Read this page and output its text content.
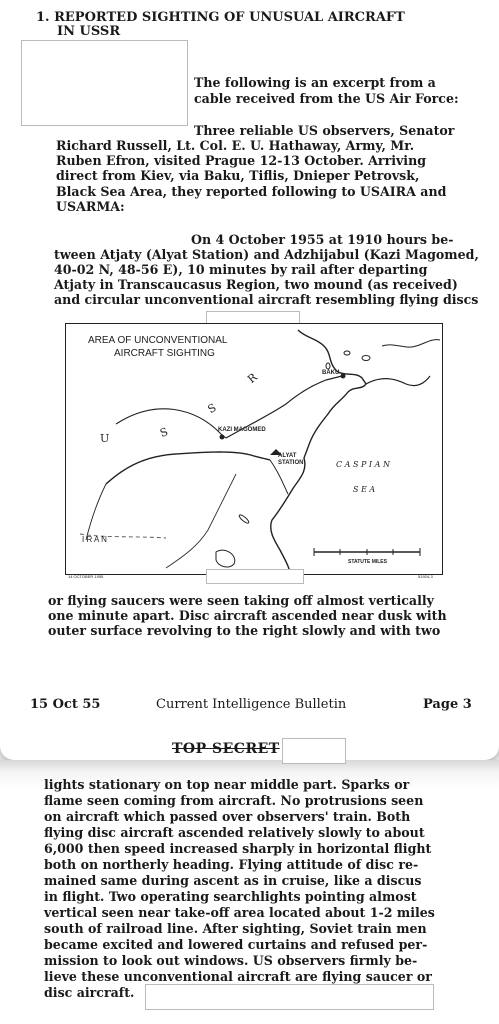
1. REPORTED SIGHTING OF UNUSUAL AIRCRAFT
IN USSR
The following is an excerpt from a
cable received from the US Air Force:
Three reliable US observers, Senator
Richard Russell, Lt. Col. E. U. Hathaway, Army, Mr.
Ruben Efron, visited Prague 12-13 October. Arriving
direct from Kiev, via Baku, Tiflis, Dnieper Petrovsk,
Black Sea Area, they reported following to USAIRA and
USARMA:
On 4 October 1955 at 1910 hours be-
tween Atjaty (Alyat Station) and Adzhijabul (Kazi Magomed,
40-02 N, 48-56 E), 10 minutes by rail after departing
Atjaty in Transcaucasus Region, two mound (as received)
and circular unconventional aircraft resembling flying discs
AREA OF UNCONVENTIONAL
AIRCRAFT SIGHTING
BAKU
KAZI MAGOMED
ALYAT
STATION	C A S P I A N
S E A
I R A N
U	S
S
R
STATUTE MILES
14 OCTOBER 1955	51924-3
or flying saucers were seen taking off almost vertically
one minute apart. Disc aircraft ascended near dusk with
outer surface revolving to the right slowly and with two
15 Oct 55	Current Intelligence Bulletin	Page 3
TOP SECRET
lights stationary on top near middle part. Sparks or
flame seen coming from aircraft. No protrusions seen
on aircraft which passed over observers' train. Both
flying disc aircraft ascended relatively slowly to about
6,000 then speed increased sharply in horizontal flight
both on northerly heading. Flying attitude of disc re-
mained same during ascent as in cruise, like a discus
in flight. Two operating searchlights pointing almost
vertical seen near take-off area located about 1-2 miles
south of railroad line. After sighting, Soviet train men
became excited and lowered curtains and refused per-
mission to look out windows. US observers firmly be-
lieve these unconventional aircraft are flying saucer or
disc aircraft.
